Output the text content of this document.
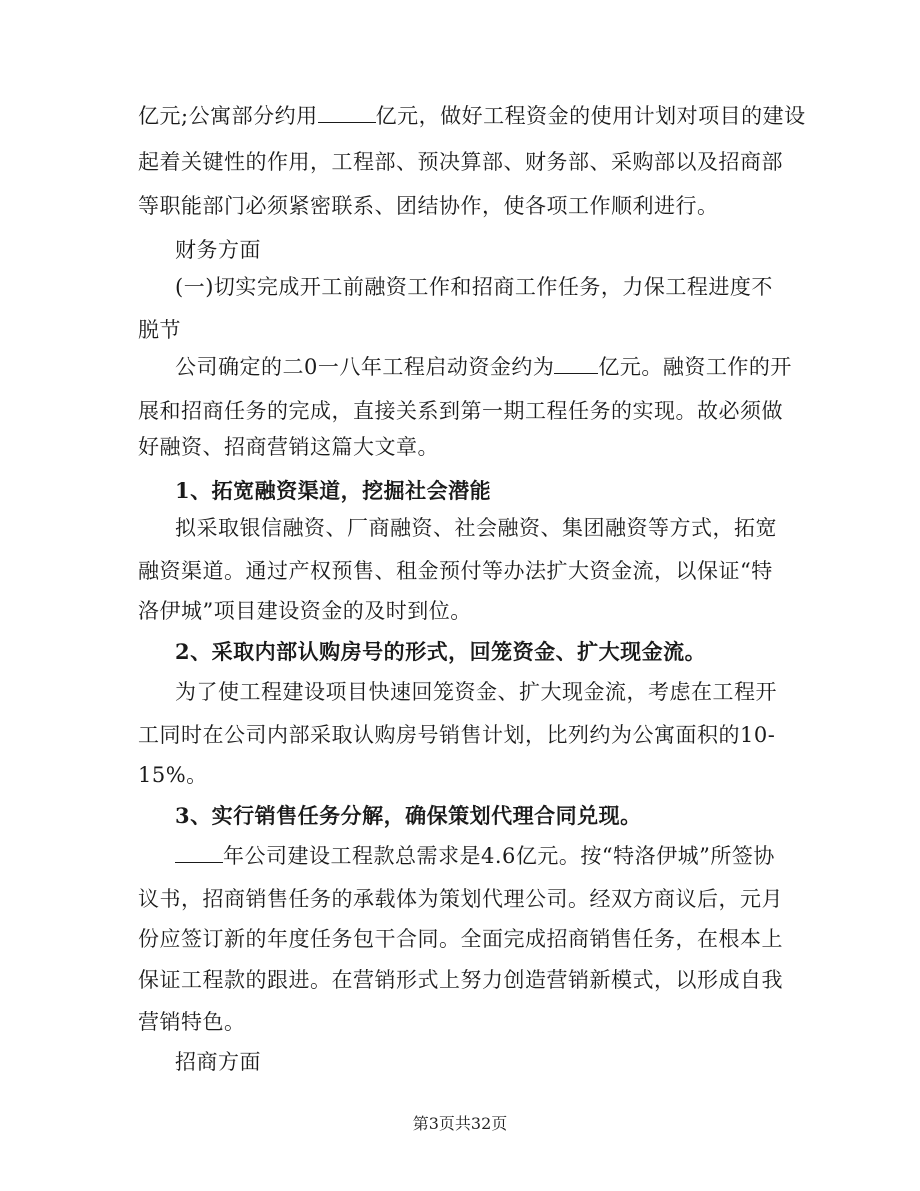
亿元;公寓部分约用	亿元，做好工程资金的使用计划对项目的建设
起着关键性的作用，工程部、预决算部、财务部、采购部以及招商部
等职能部门必须紧密联系、团结协作，使各项工作顺利进行。
财务方面
(一)切实完成开工前融资工作和招商工作任务，力保工程进度不
脱节
公司确定的二0一八年工程启动资金约为 亿元。融资工作的开
展和招商任务的完成，直接关系到第一期工程任务的实现。故必须做
好融资、招商营销这篇大文章。
1、拓宽融资渠道，挖掘社会潜能
拟采取银信融资、厂商融资、社会融资、集团融资等方式，拓宽
融资渠道。通过产权预售、租金预付等办法扩大资金流，以保证“特
洛伊城”项目建设资金的及时到位。
2、采取内部认购房号的形式，回笼资金、扩大现金流。
为了使工程建设项目快速回笼资金、扩大现金流，考虑在工程开
工同时在公司内部采取认购房号销售计划，比列约为公寓面积的10-
15%。
3、实行销售任务分解，确保策划代理合同兑现。
年公司建设工程款总需求是4.6亿元。按“特洛伊城”所签协
议书，招商销售任务的承载体为策划代理公司。经双方商议后，元月
份应签订新的年度任务包干合同。全面完成招商销售任务，在根本上
保证工程款的跟进。在营销形式上努力创造营销新模式，以形成自我
营销特色。
招商方面
第3页共32页
